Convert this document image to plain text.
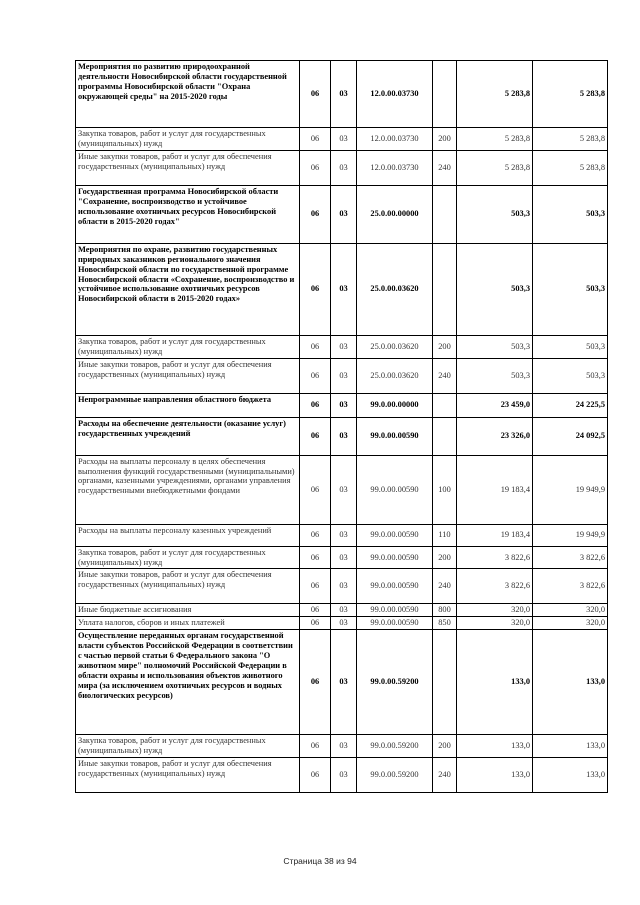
Мероприятия по развитию природоохранной деятельности Новосибирской области государственной программы Новосибирской области "Охрана окружающей среды" на 2015-2020 годы	06	03	12.0.00.03730		5 283,8	5 283,8
Закупка товаров, работ и услуг для государственных (муниципальных) нужд	06	03	12.0.00.03730	200	5 283,8	5 283,8
Иные закупки товаров, работ и услуг для обеспечения государственных (муниципальных) нужд	06	03	12.0.00.03730	240	5 283,8	5 283,8
Государственная программа Новосибирской области "Сохранение, воспроизводство и устойчивое использование охотничьих ресурсов Новосибирской области в 2015-2020 годах"	06	03	25.0.00.00000		503,3	503,3
Мероприятия по охране, развитию государственных природных заказников регионального значения Новосибирской области по государственной программе Новосибирской области «Сохранение, воспроизводство и устойчивое использование охотничьих ресурсов Новосибирской области в 2015-2020 годах»	06	03	25.0.00.03620		503,3	503,3
Закупка товаров, работ и услуг для государственных (муниципальных) нужд	06	03	25.0.00.03620	200	503,3	503,3
Иные закупки товаров, работ и услуг для обеспечения государственных (муниципальных) нужд	06	03	25.0.00.03620	240	503,3	503,3
Непрограммные направления областного бюджета	06	03	99.0.00.00000		23 459,0	24 225,5
Расходы на обеспечение деятельности (оказание услуг) государственных учреждений	06	03	99.0.00.00590		23 326,0	24 092,5
Расходы на выплаты персоналу в целях обеспечения выполнения функций государственными (муниципальными) органами, казенными учреждениями, органами управления государственными внебюджетными фондами	06	03	99.0.00.00590	100	19 183,4	19 949,9
Расходы на выплаты персоналу казенных учреждений	06	03	99.0.00.00590	110	19 183,4	19 949,9
Закупка товаров, работ и услуг для государственных (муниципальных) нужд	06	03	99.0.00.00590	200	3 822,6	3 822,6
Иные закупки товаров, работ и услуг для обеспечения государственных (муниципальных) нужд	06	03	99.0.00.00590	240	3 822,6	3 822,6
Иные бюджетные ассигнования	06	03	99.0.00.00590	800	320,0	320,0
Уплата налогов, сборов и иных платежей	06	03	99.0.00.00590	850	320,0	320,0
Осуществление переданных органам государственной власти субъектов Российской Федерации в соответствии с частью первой статьи 6 Федерального закона "О животном мире" полномочий Российской Федерации в области охраны и использования объектов животного мира (за исключением охотничьих ресурсов и водных биологических ресурсов)	06	03	99.0.00.59200		133,0	133,0
Закупка товаров, работ и услуг для государственных (муниципальных) нужд	06	03	99.0.00.59200	200	133,0	133,0
Иные закупки товаров, работ и услуг для обеспечения государственных (муниципальных) нужд	06	03	99.0.00.59200	240	133,0	133,0
Страница 38 из 94
